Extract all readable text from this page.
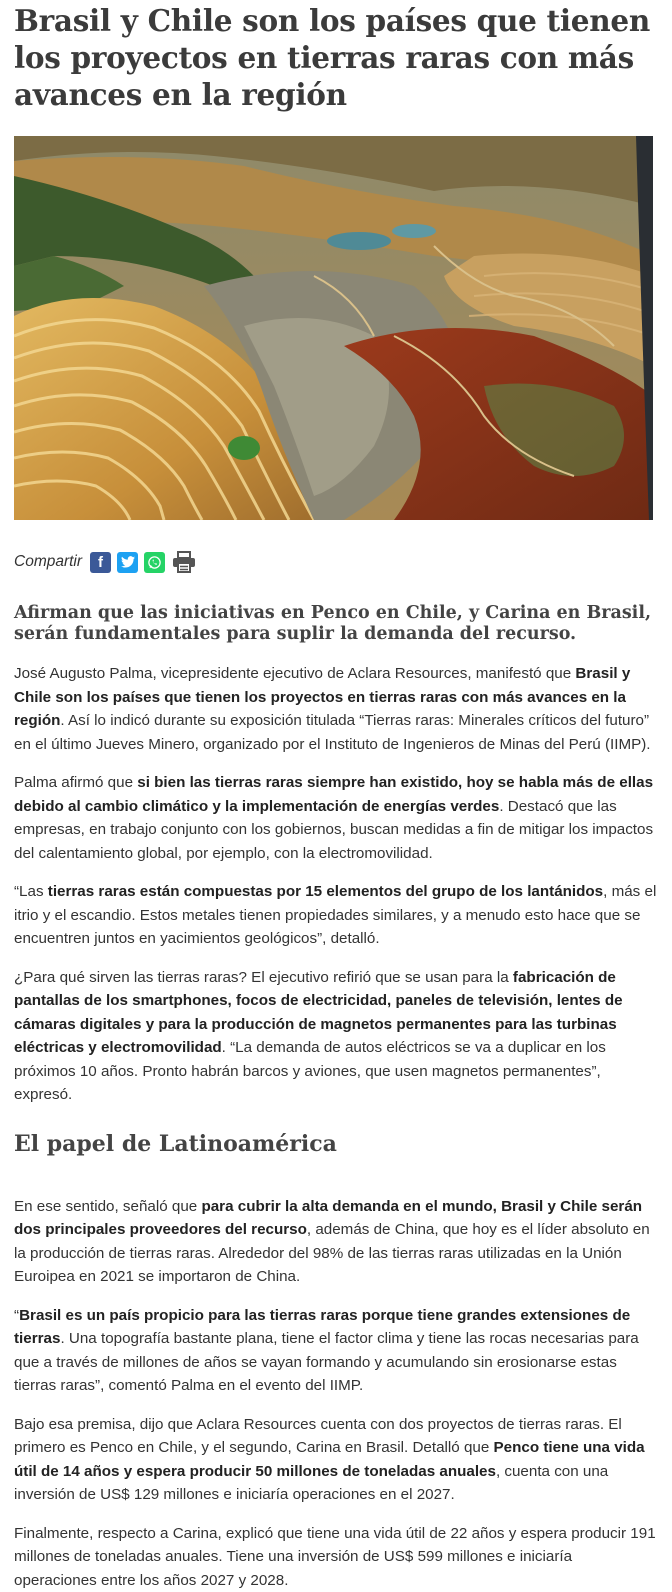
Brasil y Chile son los países que tienen los proyectos en tierras raras con más avances en la región
Compartir f
Afirman que las iniciativas en Penco en Chile, y Carina en Brasil, serán fundamentales para suplir la demanda del recurso.

José Augusto Palma, vicepresidente ejecutivo de Aclara Resources, manifestó que Brasil y Chile son los países que tienen los proyectos en tierras raras con más avances en la región. Así lo indicó durante su exposición titulada “Tierras raras: Minerales críticos del futuro” en el último Jueves Minero, organizado por el Instituto de Ingenieros de Minas del Perú (IIMP).

Palma afirmó que si bien las tierras raras siempre han existido, hoy se habla más de ellas debido al cambio climático y la implementación de energías verdes. Destacó que las empresas, en trabajo conjunto con los gobiernos, buscan medidas a fin de mitigar los impactos del calentamiento global, por ejemplo, con la electromovilidad.

“Las tierras raras están compuestas por 15 elementos del grupo de los lantánidos, más el itrio y el escandio. Estos metales tienen propiedades similares, y a menudo esto hace que se encuentren juntos en yacimientos geológicos”, detalló.

¿Para qué sirven las tierras raras? El ejecutivo refirió que se usan para la fabricación de pantallas de los smartphones, focos de electricidad, paneles de televisión, lentes de cámaras digitales y para la producción de magnetos permanentes para las turbinas eléctricas y electromovilidad. “La demanda de autos eléctricos se va a duplicar en los próximos 10 años. Pronto habrán barcos y aviones, que usen magnetos permanentes”, expresó.

El papel de Latinoamérica

En ese sentido, señaló que para cubrir la alta demanda en el mundo, Brasil y Chile serán dos principales proveedores del recurso, además de China, que hoy es el líder absoluto en la producción de tierras raras. Alrededor del 98% de las tierras raras utilizadas en la Unión Euroipea en 2021 se importaron de China.

“Brasil es un país propicio para las tierras raras porque tiene grandes extensiones de tierras. Una topografía bastante plana, tiene el factor clima y tiene las rocas necesarias para que a través de millones de años se vayan formando y acumulando sin erosionarse estas tierras raras”, comentó Palma en el evento del IIMP.

Bajo esa premisa, dijo que Aclara Resources cuenta con dos proyectos de tierras raras. El primero es Penco en Chile, y el segundo, Carina en Brasil. Detalló que Penco tiene una vida útil de 14 años y espera producir 50 millones de toneladas anuales, cuenta con una inversión de US$ 129 millones e iniciaría operaciones en el 2027.

Finalmente, respecto a Carina, explicó que tiene una vida útil de 22 años y espera producir 191 millones de toneladas anuales. Tiene una inversión de US$ 599 millones e iniciaría operaciones entre los años 2027 y 2028.
